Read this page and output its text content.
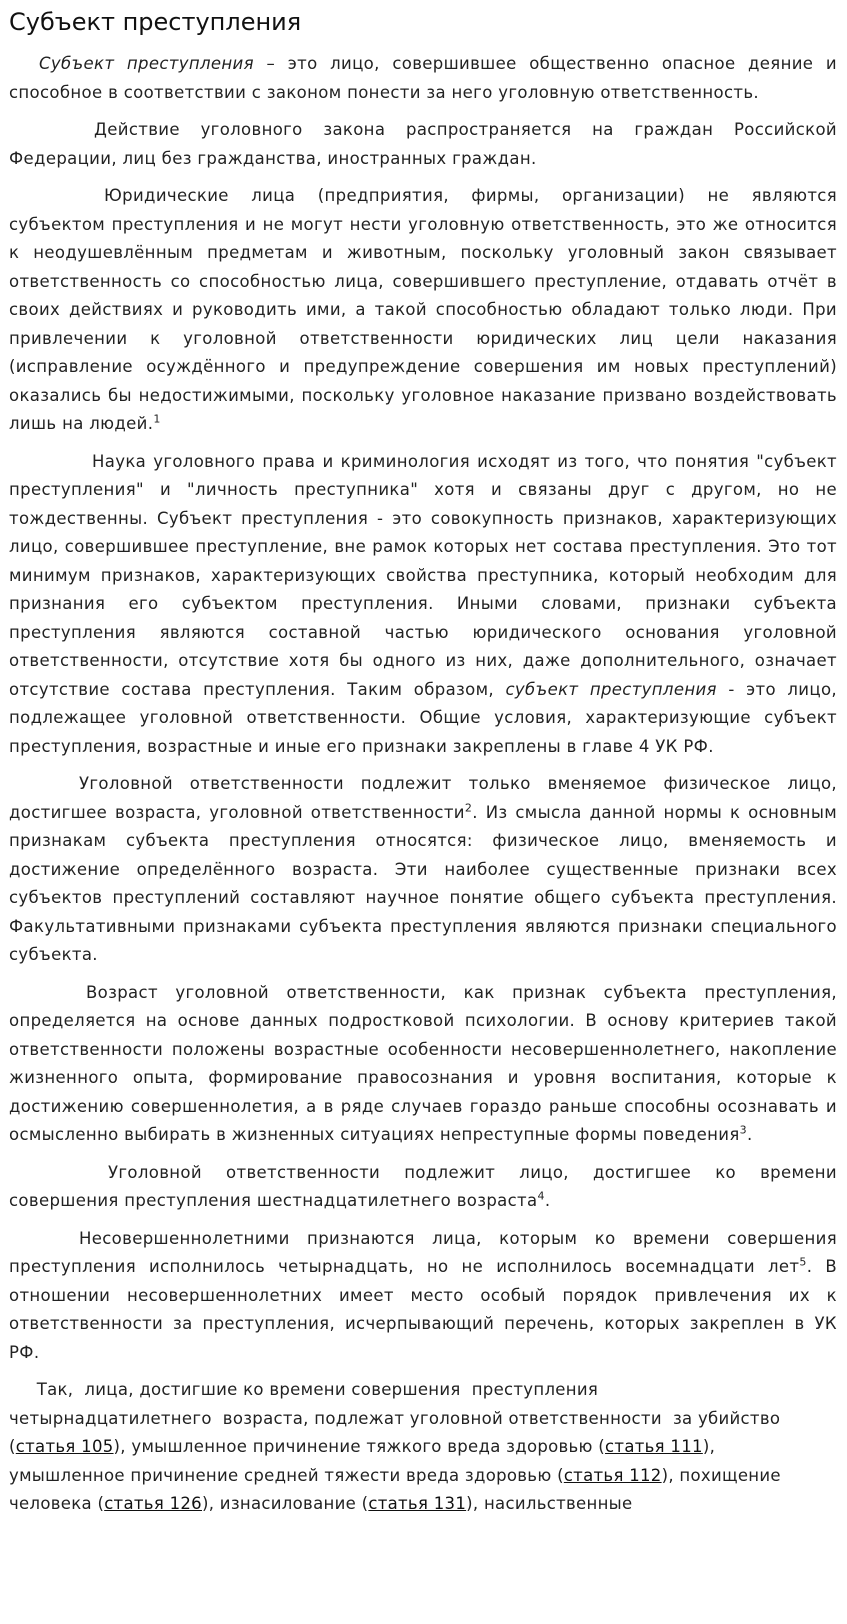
Субъект преступления

Субъект преступления – это лицо, совершившее общественно опасное деяние и способное в соответствии с законом понести за него уголовную ответственность.

Действие уголовного закона распространяется на граждан Российской Федерации, лиц без гражданства, иностранных граждан.

Юридические лица (предприятия, фирмы, организации) не являются субъектом преступления и не могут нести уголовную ответственность, это же относится к неодушевлённым предметам и животным, поскольку уголовный закон связывает ответственность со способностью лица, совершившего преступление, отдавать отчёт в своих действиях и руководить ими, а такой способностью обладают только люди. При привлечении к уголовной ответственности юридических лиц цели наказания (исправление осуждённого и предупреждение совершения им новых преступлений) оказались бы недостижимыми, поскольку уголовное наказание призвано воздействовать лишь на людей.$^1$

Наука уголовного права и криминология исходят из того, что понятия "субъект преступления" и "личность преступника" хотя и связаны друг с другом, но не тождественны. Субъект преступления - это совокупность признаков, характеризующих лицо, совершившее преступление, вне рамок которых нет состава преступления. Это тот минимум признаков, характеризующих свойства преступника, который необходим для признания его субъектом преступления. Иными словами, признаки субъекта преступления являются составной частью юридического основания уголовной ответственности, отсутствие хотя бы одного из них, даже дополнительного, означает отсутствие состава преступления. Таким образом, субъект преступления - это лицо, подлежащее уголовной ответственности. Общие условия, характеризующие субъект преступления, возрастные и иные его признаки закреплены в главе 4 УК РФ.

Уголовной ответственности подлежит только вменяемое физическое лицо, достигшее возраста, уголовной ответственности$^2$. Из смысла данной нормы к основным признакам субъекта преступления относятся: физическое лицо, вменяемость и достижение определённого возраста. Эти наиболее существенные признаки всех субъектов преступлений составляют научное понятие общего субъекта преступления. Факультативными признаками субъекта преступления являются признаки специального субъекта.

Возраст уголовной ответственности, как признак субъекта преступления, определяется на основе данных подростковой психологии. В основу критериев такой ответственности положены возрастные особенности несовершеннолетнего, накопление жизненного опыта, формирование правосознания и уровня воспитания, которые к достижению совершеннолетия, а в ряде случаев гораздо раньше способны осознавать и осмысленно выбирать в жизненных ситуациях непреступные формы поведения$^3$.

Уголовной ответственности подлежит лицо, достигшее ко времени совершения преступления шестнадцатилетнего возраста$^4$.

Несовершеннолетними признаются лица, которым ко времени совершения преступления исполнилось четырнадцать, но не исполнилось восемнадцати лет$^5$. В отношении несовершеннолетних имеет место особый порядок привлечения их к ответственности за преступления, исчерпывающий перечень, которых закреплен в УК РФ.

Так,  лица, достигшие ко времени совершения  преступления
четырнадцатилетнего  возраста, подлежат уголовной ответственности  за убийство
(статья 105), умышленное причинение тяжкого вреда здоровью (статья 111),
умышленное причинение средней тяжести вреда здоровью (статья 112), похищение
человека (статья 126), изнасилование (статья 131), насильственные
